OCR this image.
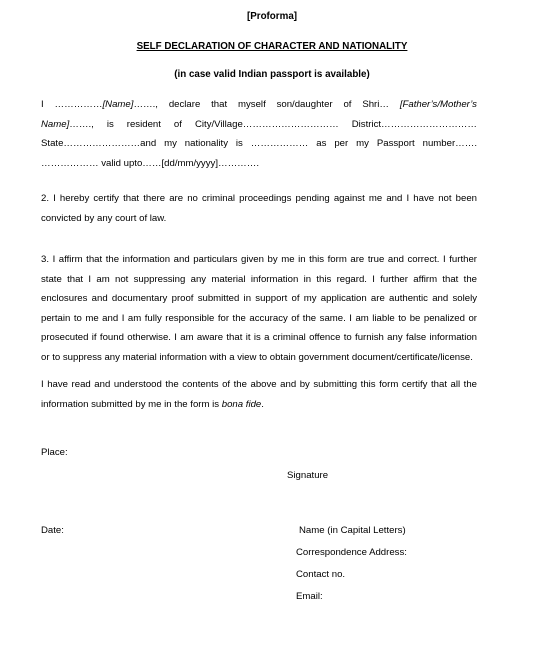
[Proforma]
SELF DECLARATION OF CHARACTER AND NATIONALITY
(in case valid Indian passport is available)
I ……………[Name]……., declare that myself son/daughter of Shri… [Father’s/Mother’s
Name]……., is resident of City/Village………………………… District…………………………
State……………………and my nationality is ……………… as per my Passport number…….
……………… valid upto……[dd/mm/yyyy]………….
2. I hereby certify that there are no criminal proceedings pending against me and I have not been
convicted by any court of law.
3. I affirm that the information and particulars given by me in this form are true and correct. I further
state that I am not suppressing any material information in this regard. I further affirm that the
enclosures and documentary proof submitted in support of my application are authentic and solely
pertain to me and I am fully responsible for the accuracy of the same. I am liable to be penalized or
prosecuted if found otherwise. I am aware that it is a criminal offence to furnish any false information
or to suppress any material information with a view to obtain government document/certificate/license.
I have read and understood the contents of the above and by submitting this form certify that all the
information submitted by me in the form is bona fide.
Place:
Signature
Date:	Name (in Capital Letters)
Correspondence Address:
Contact no.
Email:
